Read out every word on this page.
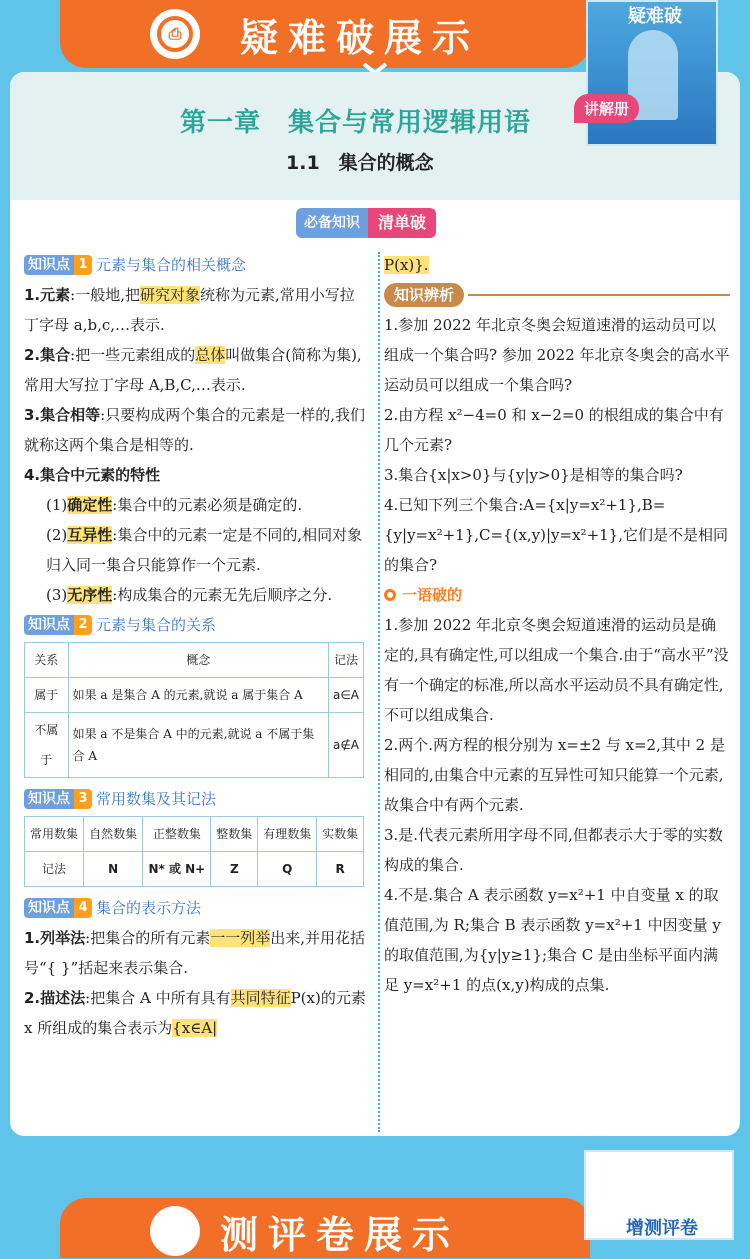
⎙	疑难破展示
第一章　集合与常用逻辑用语
1.1　集合的概念
必备知识	清单破
知识点 1 元素与集合的相关概念

1.元素:一般地,把研究对象统称为元素,常用小写拉丁字母 a,b,c,…表示.

2.集合:把一些元素组成的总体叫做集合(简称为集),常用大写拉丁字母 A,B,C,…表示.

3.集合相等:只要构成两个集合的元素是一样的,我们就称这两个集合是相等的.

4.集合中元素的特性

(1)确定性:集合中的元素必须是确定的.

(2)互异性:集合中的元素一定是不同的,相同对象归入同一集合只能算作一个元素.

(3)无序性:构成集合的元素无先后顺序之分.

知识点 2 元素与集合的关系
关系	概念	记法
属于	如果 a 是集合 A 的元素,就说 a 属于集合 A	a∈A
不属于	如果 a 不是集合 A 中的元素,就说 a 不属于集合 A	a∉A
知识点 3 常用数集及其记法
常用数集	自然数集	正整数集	整数集	有理数集	实数集
记法	N	N* 或 N+	Z	Q	R
知识点 4 集合的表示方法

1.列举法:把集合的所有元素一一列举出来,并用花括号“{ }”括起来表示集合.

2.描述法:把集合 A 中所有具有共同特征P(x)的元素 x 所组成的集合表示为{x∈A|

P(x)}.

知识辨析

1.参加 2022 年北京冬奥会短道速滑的运动员可以组成一个集合吗? 参加 2022 年北京冬奥会的高水平运动员可以组成一个集合吗?

2.由方程 x²−4=0 和 x−2=0 的根组成的集合中有几个元素?

3.集合{x|x>0}与{y|y>0}是相等的集合吗?

4.已知下列三个集合:A={x|y=x²+1},B={y|y=x²+1},C={(x,y)|y=x²+1},它们是不是相同的集合?

一语破的

1.参加 2022 年北京冬奥会短道速滑的运动员是确定的,具有确定性,可以组成一个集合.由于“高水平”没有一个确定的标准,所以高水平运动员不具有确定性,不可以组成集合.

2.两个.两方程的根分别为 x=±2 与 x=2,其中 2 是相同的,由集合中元素的互异性可知只能算一个元素,故集合中有两个元素.

3.是.代表元素所用字母不同,但都表示大于零的实数构成的集合.

4.不是.集合 A 表示函数 y=x²+1 中自变量 x 的取值范围,为 R;集合 B 表示函数 y=x²+1 中因变量 y 的取值范围,为{y|y≥1};集合 C 是由坐标平面内满足 y=x²+1 的点(x,y)构成的点集.

疑难破
讲解册
测评卷展示	增测评卷
